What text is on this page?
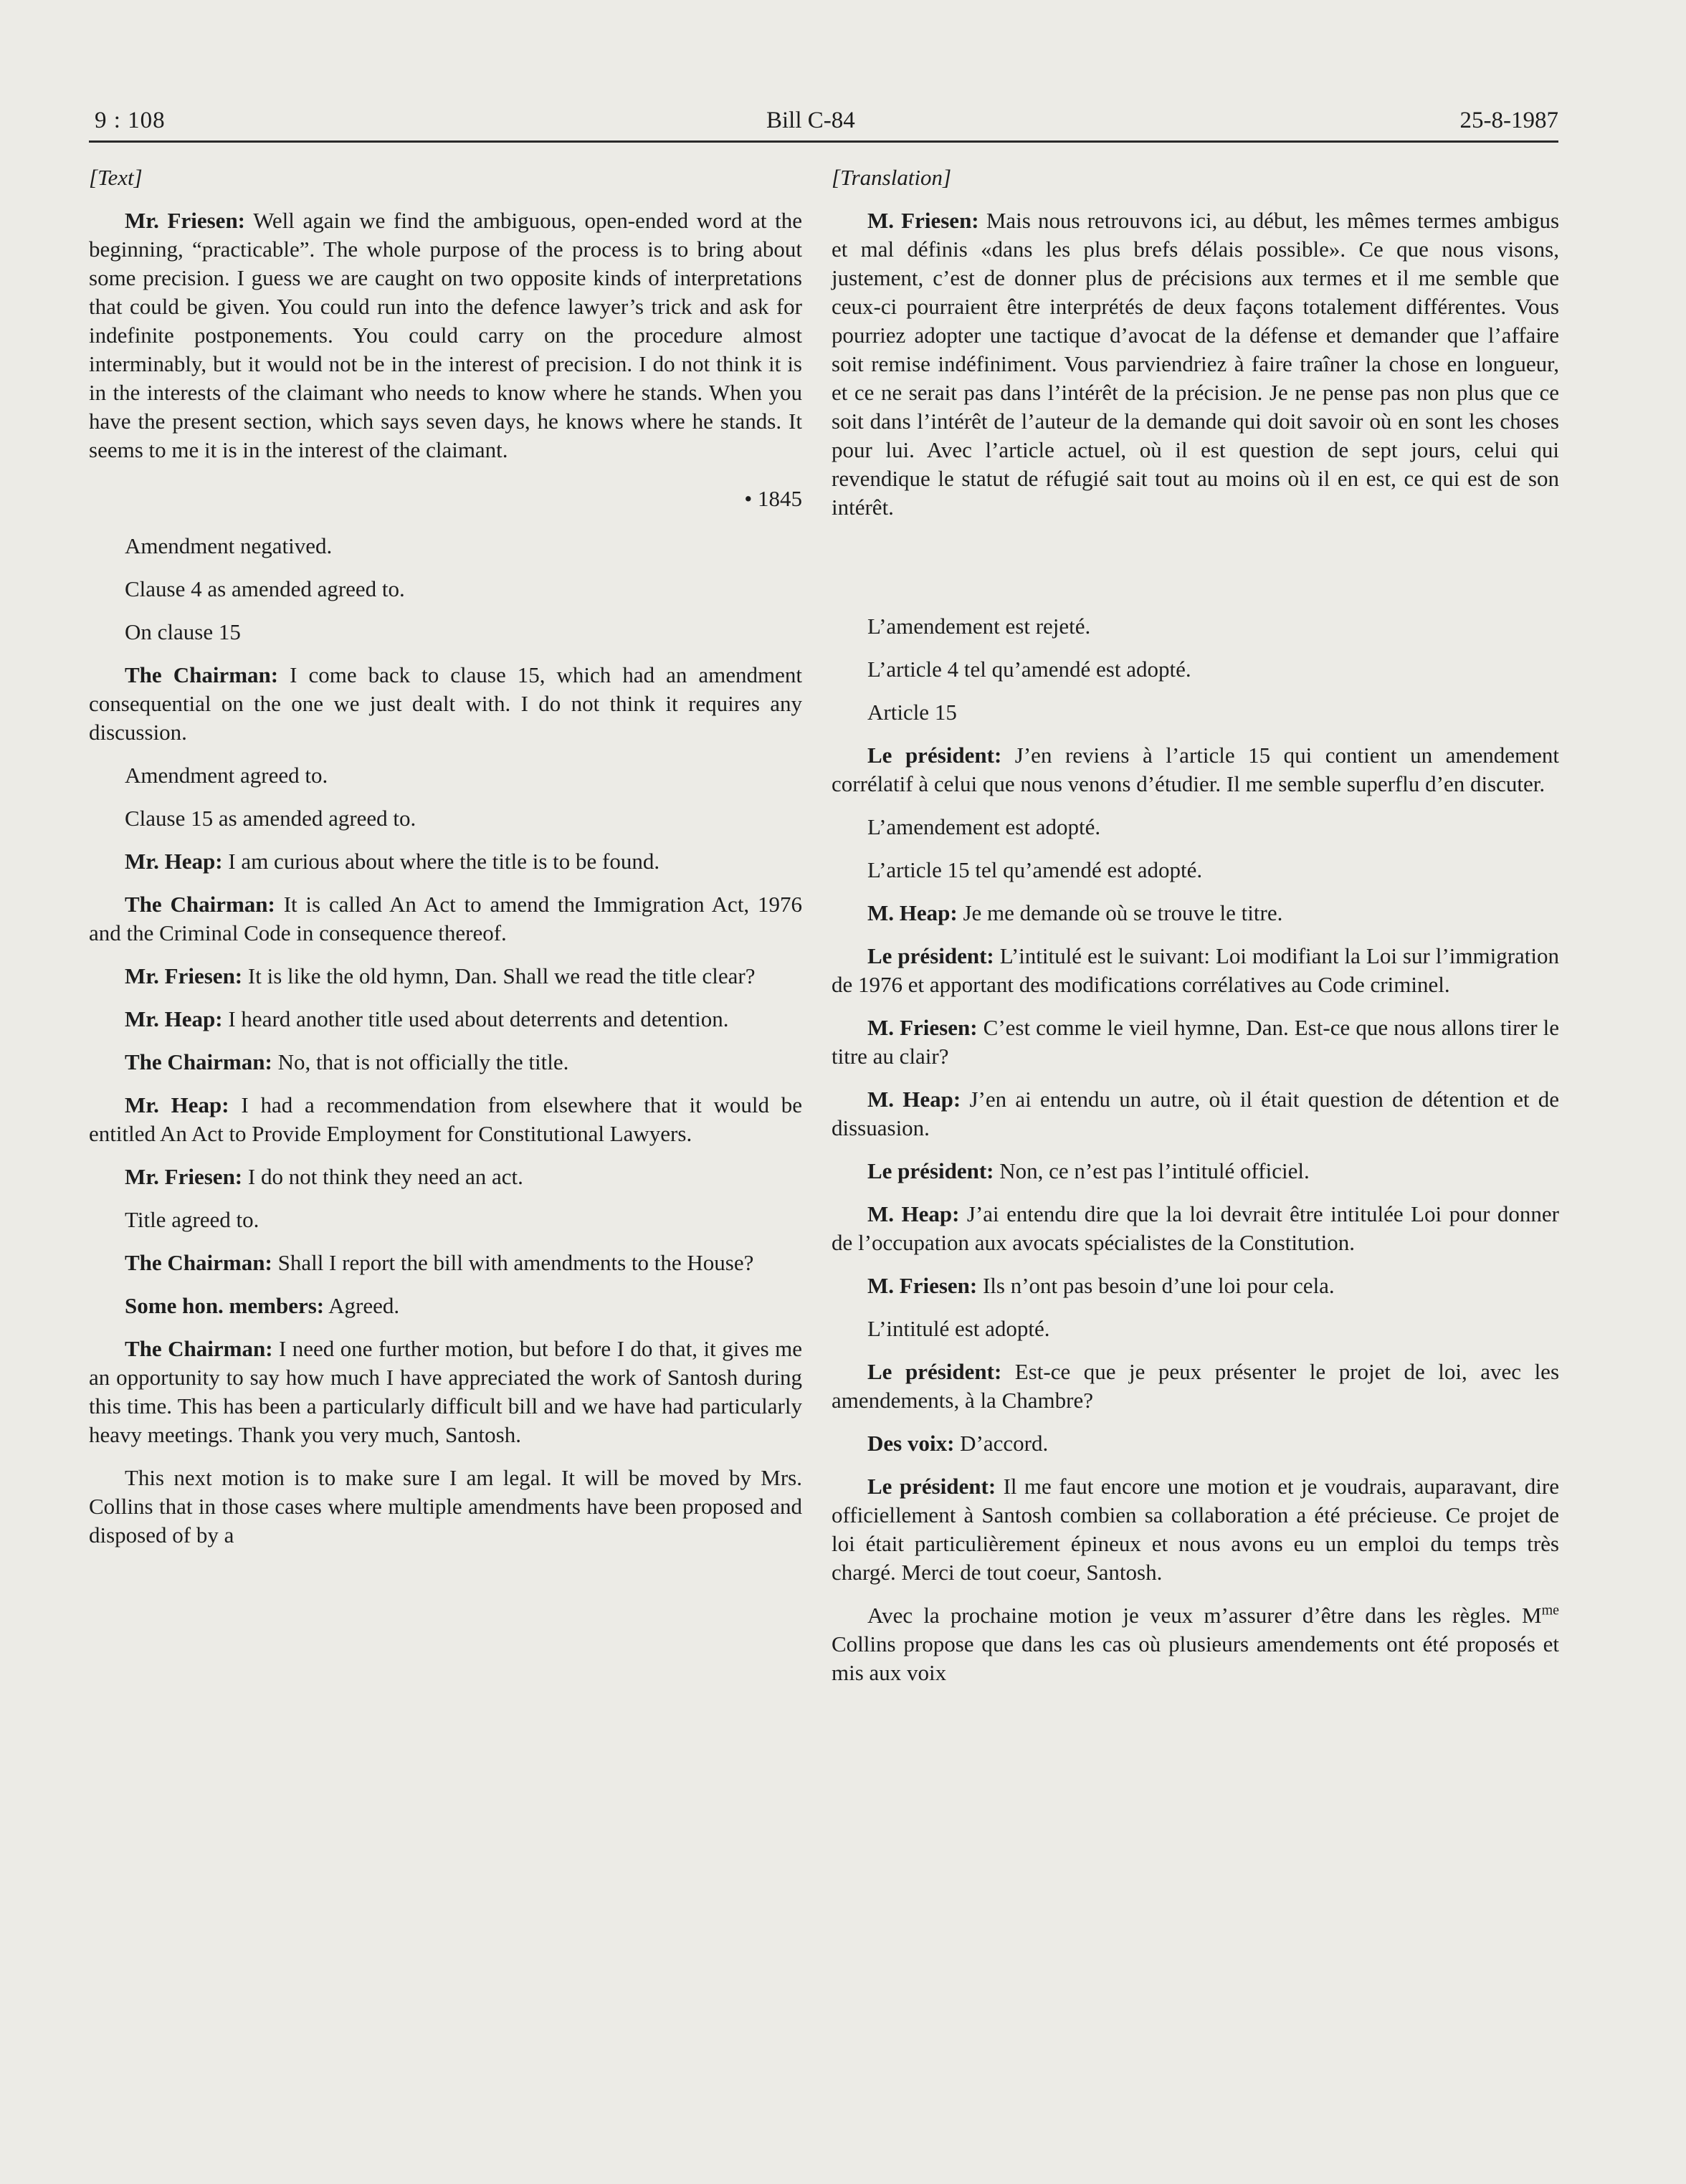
9 : 108	Bill C-84	25-8-1987

[Text]

Mr. Friesen: Well again we find the ambiguous, open-ended word at the beginning, “practicable”. The whole purpose of the process is to bring about some precision. I guess we are caught on two opposite kinds of interpretations that could be given. You could run into the defence lawyer’s trick and ask for indefinite postponements. You could carry on the procedure almost interminably, but it would not be in the interest of precision. I do not think it is in the interests of the claimant who needs to know where he stands. When you have the present section, which says seven days, he knows where he stands. It seems to me it is in the interest of the claimant.

• 1845

Amendment negatived.

Clause 4 as amended agreed to.

On clause 15

The Chairman: I come back to clause 15, which had an amendment consequential on the one we just dealt with. I do not think it requires any discussion.

Amendment agreed to.

Clause 15 as amended agreed to.

Mr. Heap: I am curious about where the title is to be found.

The Chairman: It is called An Act to amend the Immigration Act, 1976 and the Criminal Code in consequence thereof.

Mr. Friesen: It is like the old hymn, Dan. Shall we read the title clear?

Mr. Heap: I heard another title used about deterrents and detention.

The Chairman: No, that is not officially the title.

Mr. Heap: I had a recommendation from elsewhere that it would be entitled An Act to Provide Employment for Constitutional Lawyers.

Mr. Friesen: I do not think they need an act.

Title agreed to.

The Chairman: Shall I report the bill with amendments to the House?

Some hon. members: Agreed.

The Chairman: I need one further motion, but before I do that, it gives me an opportunity to say how much I have appreciated the work of Santosh during this time. This has been a particularly difficult bill and we have had particularly heavy meetings. Thank you very much, Santosh.

This next motion is to make sure I am legal. It will be moved by Mrs. Collins that in those cases where multiple amendments have been proposed and disposed of by a

[Translation]

M. Friesen: Mais nous retrouvons ici, au début, les mêmes termes ambigus et mal définis «dans les plus brefs délais possible». Ce que nous visons, justement, c’est de donner plus de précisions aux termes et il me semble que ceux-ci pourraient être interprétés de deux façons totalement différentes. Vous pourriez adopter une tactique d’avocat de la défense et demander que l’affaire soit remise indéfiniment. Vous parviendriez à faire traîner la chose en longueur, et ce ne serait pas dans l’intérêt de la précision. Je ne pense pas non plus que ce soit dans l’intérêt de l’auteur de la demande qui doit savoir où en sont les choses pour lui. Avec l’article actuel, où il est question de sept jours, celui qui revendique le statut de réfugié sait tout au moins où il en est, ce qui est de son intérêt.

L’amendement est rejeté.

L’article 4 tel qu’amendé est adopté.

Article 15

Le président: J’en reviens à l’article 15 qui contient un amendement corrélatif à celui que nous venons d’étudier. Il me semble superflu d’en discuter.

L’amendement est adopté.

L’article 15 tel qu’amendé est adopté.

M. Heap: Je me demande où se trouve le titre.

Le président: L’intitulé est le suivant: Loi modifiant la Loi sur l’immigration de 1976 et apportant des modifications corrélatives au Code criminel.

M. Friesen: C’est comme le vieil hymne, Dan. Est-ce que nous allons tirer le titre au clair?

M. Heap: J’en ai entendu un autre, où il était question de détention et de dissuasion.

Le président: Non, ce n’est pas l’intitulé officiel.

M. Heap: J’ai entendu dire que la loi devrait être intitulée Loi pour donner de l’occupation aux avocats spécialistes de la Constitution.

M. Friesen: Ils n’ont pas besoin d’une loi pour cela.

L’intitulé est adopté.

Le président: Est-ce que je peux présenter le projet de loi, avec les amendements, à la Chambre?

Des voix: D’accord.

Le président: Il me faut encore une motion et je voudrais, auparavant, dire officiellement à Santosh combien sa collaboration a été précieuse. Ce projet de loi était particulièrement épineux et nous avons eu un emploi du temps très chargé. Merci de tout coeur, Santosh.

Avec la prochaine motion je veux m’assurer d’être dans les règles. $M^{me}$ Collins propose que dans les cas où plusieurs amendements ont été proposés et mis aux voix
